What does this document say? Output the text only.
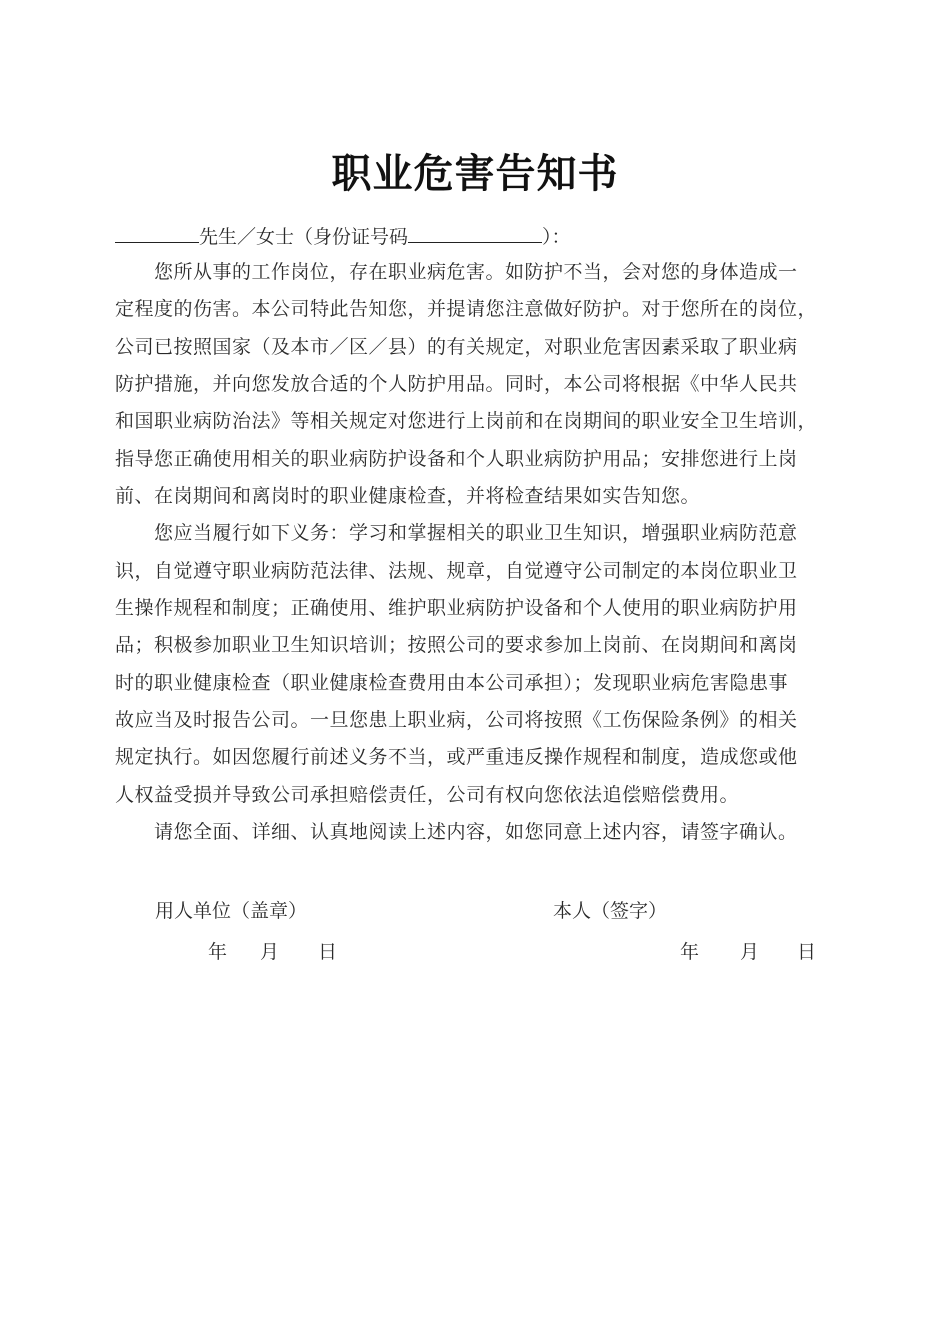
职业危害告知书
先生／女士（身份证号码	）：
您所从事的工作岗位，存在职业病危害。如防护不当，会对您的身体造成一
定程度的伤害。本公司特此告知您，并提请您注意做好防护。对于您所在的岗位，
公司已按照国家（及本市／区／县）的有关规定，对职业危害因素采取了职业病
防护措施，并向您发放合适的个人防护用品。同时，本公司将根据《中华人民共
和国职业病防治法》等相关规定对您进行上岗前和在岗期间的职业安全卫生培训，
指导您正确使用相关的职业病防护设备和个人职业病防护用品；安排您进行上岗
前、在岗期间和离岗时的职业健康检查，并将检查结果如实告知您。
您应当履行如下义务：学习和掌握相关的职业卫生知识，增强职业病防范意
识，自觉遵守职业病防范法律、法规、规章，自觉遵守公司制定的本岗位职业卫
生操作规程和制度；正确使用、维护职业病防护设备和个人使用的职业病防护用
品；积极参加职业卫生知识培训；按照公司的要求参加上岗前、在岗期间和离岗
时的职业健康检查（职业健康检查费用由本公司承担）；发现职业病危害隐患事
故应当及时报告公司。一旦您患上职业病，公司将按照《工伤保险条例》的相关
规定执行。如因您履行前述义务不当，或严重违反操作规程和制度，造成您或他
人权益受损并导致公司承担赔偿责任，公司有权向您依法追偿赔偿费用。
请您全面、详细、认真地阅读上述内容，如您同意上述内容，请签字确认。
用人单位（盖章）	本人（签字）
年 月 日	年 月 日
